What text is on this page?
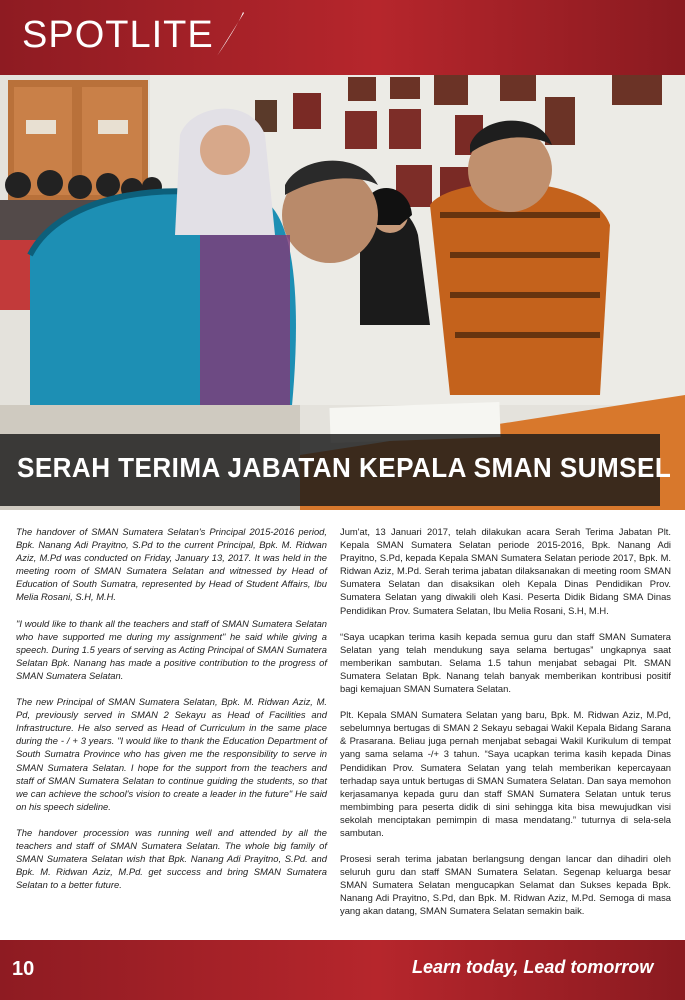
SPOTLITE
SERAH TERIMA JABATAN KEPALA SMAN SUMSEL

The handover of SMAN Sumatera Selatan's Principal 2015-2016 period, Bpk. Nanang Adi Prayitno, S.Pd to the current Principal, Bpk. M. Ridwan Aziz, M.Pd was conducted on Friday, January 13, 2017. It was held in the meeting room of SMAN Sumatera Selatan and witnessed by Head of Education of South Sumatra, represented by Head of Student Affairs, Ibu Melia Rosani, S.H, M.H.

"I would like to thank all the teachers and staff of SMAN Sumatera Selatan who have supported me during my assignment" he said while giving a speech. During 1.5 years of serving as Acting Principal of SMAN Sumatera Selatan Bpk. Nanang has made a positive contribution to the progress of SMAN Sumatera Selatan.

The new Principal of SMAN Sumatera Selatan, Bpk. M. Ridwan Aziz, M. Pd, previously served in SMAN 2 Sekayu as Head of Facilities and Infrastructure. He also served as Head of Curriculum in the same place during the - / + 3 years. "I would like to thank the Education Department of South Sumatra Province who has given me the responsibility to serve in SMAN Sumatera Selatan. I hope for the support from the teachers and staff of SMAN Sumatera Selatan to continue guiding the students, so that we can achieve the school's vision to create a leader in the future" He said on his speech sideline.

The handover procession was running well and attended by all the teachers and staff of SMAN Sumatera Selatan. The whole big family of SMAN Sumatera Selatan wish that Bpk. Nanang Adi Prayitno, S.Pd. and Bpk. M. Ridwan Aziz, M.Pd. get success and bring SMAN Sumatera Selatan to a better future.

Jum'at, 13 Januari 2017, telah dilakukan acara Serah Terima Jabatan Plt. Kepala SMAN Sumatera Selatan periode 2015-2016, Bpk. Nanang Adi Prayitno, S.Pd, kepada Kepala SMAN Sumatera Selatan periode 2017, Bpk. M. Ridwan Aziz, M.Pd. Serah terima jabatan dilaksanakan di meeting room SMAN Sumatera Selatan dan disaksikan oleh Kepala Dinas Pendidikan Prov. Sumatera Selatan yang diwakili oleh Kasi. Peserta Didik Bidang SMA Dinas Pendidikan Prov. Sumatera Selatan, Ibu Melia Rosani, S.H, M.H.

“Saya ucapkan terima kasih kepada semua guru dan staff SMAN Sumatera Selatan yang telah mendukung saya selama bertugas” ungkapnya saat memberikan sambutan. Selama 1.5 tahun menjabat sebagai Plt. SMAN Sumatera Selatan Bpk. Nanang telah banyak memberikan kontribusi positif bagi kemajuan SMAN Sumatera Selatan.

Plt. Kepala SMAN Sumatera Selatan yang baru, Bpk. M. Ridwan Aziz, M.Pd, sebelumnya bertugas di SMAN 2 Sekayu sebagai Wakil Kepala Bidang Sarana & Prasarana. Beliau juga pernah menjabat sebagai Wakil Kurikulum di tempat yang sama selama -/+ 3 tahun. “Saya ucapkan terima kasih kepada Dinas Pendidikan Prov. Sumatera Selatan yang telah memberikan kepercayaan terhadap saya untuk bertugas di SMAN Sumatera Selatan. Dan saya memohon kerjasamanya kepada guru dan staff SMAN Sumatera Selatan untuk terus membimbing para peserta didik di sini sehingga kita bisa mewujudkan visi sekolah menciptakan pemimpin di masa mendatang.” tuturnya di sela-sela sambutan.

Prosesi serah terima jabatan berlangsung dengan lancar dan dihadiri oleh seluruh guru dan staff SMAN Sumatera Selatan. Segenap keluarga besar SMAN Sumatera Selatan mengucapkan Selamat dan Sukses kepada Bpk. Nanang Adi Prayitno, S.Pd, dan Bpk. M. Ridwan Aziz, M.Pd. Semoga di masa yang akan datang, SMAN Sumatera Selatan semakin baik.

10	Learn today, Lead tomorrow
